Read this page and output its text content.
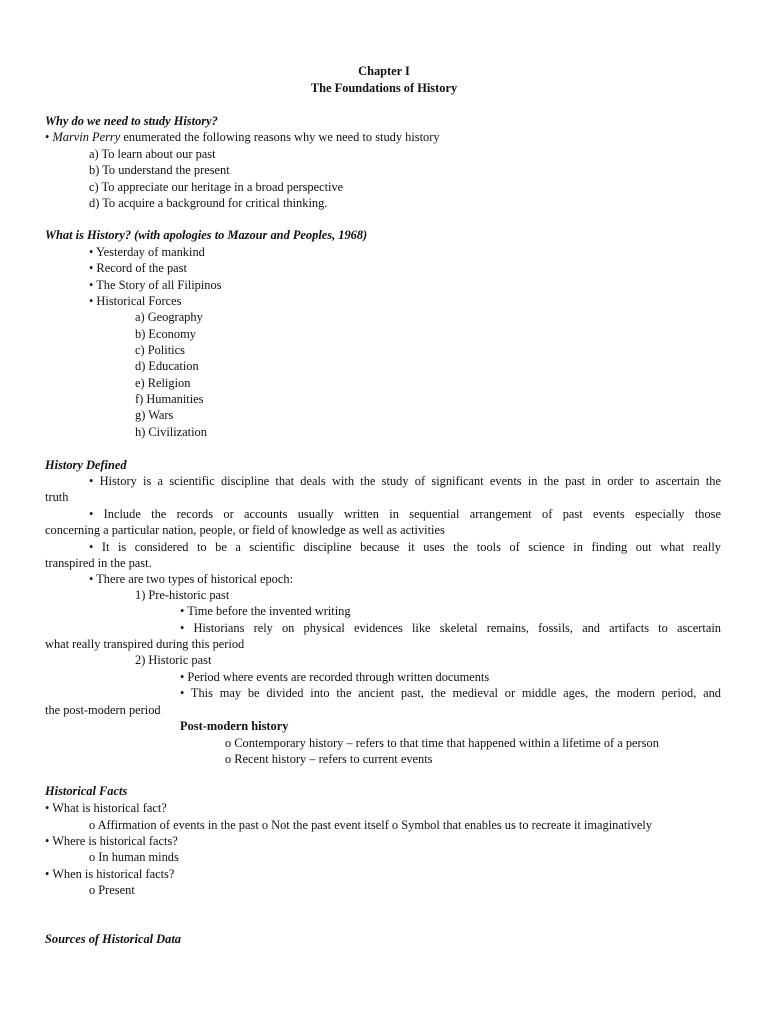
Chapter I
The Foundations of History
Why do we need to study History?
• Marvin Perry enumerated the following reasons why we need to study history
a) To learn about our past
b) To understand the present
c) To appreciate our heritage in a broad perspective
d) To acquire a background for critical thinking.
What is History? (with apologies to Mazour and Peoples, 1968)
• Yesterday of mankind
• Record of the past
• The Story of all Filipinos
• Historical Forces
a) Geography
b) Economy
c) Politics
d) Education
e) Religion
f) Humanities
g) Wars
h) Civilization
History Defined
• History is a scientific discipline that deals with the study of significant events in the past in order to ascertain the
truth
• Include the records or accounts usually written in sequential arrangement of past events especially those
concerning a particular nation, people, or field of knowledge as well as activities
• It is considered to be a scientific discipline because it uses the tools of science in finding out what really
transpired in the past.
• There are two types of historical epoch:
1) Pre-historic past
• Time before the invented writing
• Historians rely on physical evidences like skeletal remains, fossils, and artifacts to ascertain
what really transpired during this period
2) Historic past
• Period where events are recorded through written documents
• This may be divided into the ancient past, the medieval or middle ages, the modern period, and
the post-modern period
Post-modern history
o Contemporary history – refers to that time that happened within a lifetime of a person
o Recent history – refers to current events
Historical Facts
• What is historical fact?
o Affirmation of events in the past o Not the past event itself o Symbol that enables us to recreate it imaginatively
• Where is historical facts?
o In human minds
• When is historical facts?
o Present
Sources of Historical Data
